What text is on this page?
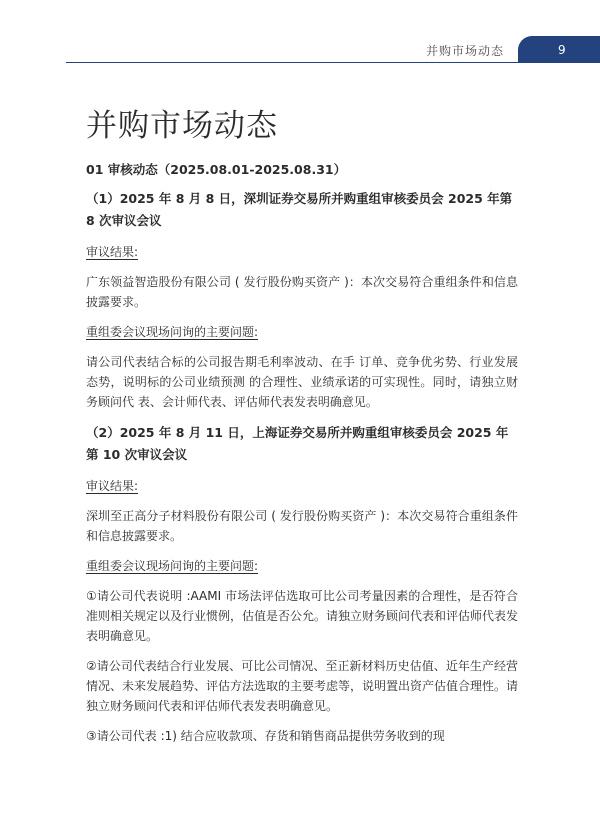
并购市场动态	9
并购市场动态
01 审核动态（2025.08.01-2025.08.31）
（1）2025 年 8 月 8 日，深圳证券交易所并购重组审核委员会 2025 年第 8 次审议会议
审议结果:
广东领益智造股份有限公司 ( 发行股份购买资产 )：本次交易符合重组条件和信息披露要求。
重组委会议现场问询的主要问题:
请公司代表结合标的公司报告期毛利率波动、在手 订单、竞争优劣势、行业发展态势，说明标的公司业绩预测 的合理性、业绩承诺的可实现性。同时，请独立财务顾问代 表、会计师代表、评估师代表发表明确意见。
（2）2025 年 8 月 11 日，上海证券交易所并购重组审核委员会 2025 年第 10 次审议会议
审议结果:
深圳至正高分子材料股份有限公司 ( 发行股份购买资产 )：本次交易符合重组条件和信息披露要求。
重组委会议现场问询的主要问题:
①请公司代表说明 :AAMI 市场法评估选取可比公司考量因素的合理性，是否符合准则相关规定以及行业惯例，估值是否公允。请独立财务顾问代表和评估师代表发表明确意见。
②请公司代表结合行业发展、可比公司情况、至正新材料历史估值、近年生产经营情况、未来发展趋势、评估方法选取的主要考虑等，说明置出资产估值合理性。请独立财务顾问代表和评估师代表发表明确意见。
③请公司代表 :1) 结合应收款项、存货和销售商品提供劳务收到的现
